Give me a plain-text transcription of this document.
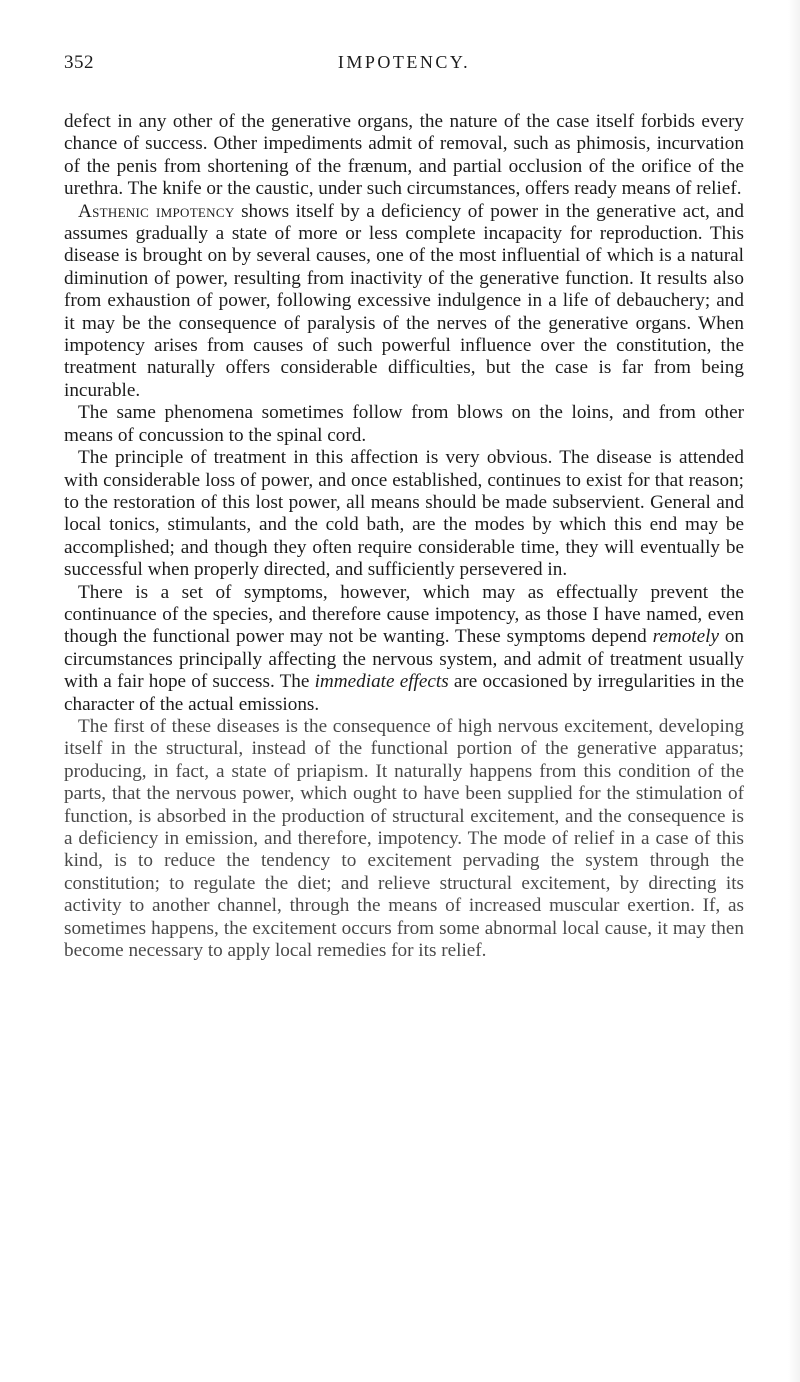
352	IMPOTENCY.

defect in any other of the generative organs, the nature of the case itself forbids every chance of success. Other impediments admit of removal, such as phimosis, incurvation of the penis from shortening of the frænum, and partial occlusion of the orifice of the urethra. The knife or the caustic, under such circumstances, offers ready means of relief.

Asthenic impotency shows itself by a deficiency of power in the generative act, and assumes gradually a state of more or less complete incapacity for reproduction. This disease is brought on by several causes, one of the most influential of which is a natural diminution of power, resulting from inactivity of the generative function. It results also from exhaustion of power, following excessive indulgence in a life of debauchery; and it may be the consequence of paralysis of the nerves of the generative organs. When impotency arises from causes of such powerful influence over the constitution, the treatment naturally offers considerable difficulties, but the case is far from being incurable.

The same phenomena sometimes follow from blows on the loins, and from other means of concussion to the spinal cord.

The principle of treatment in this affection is very obvious. The disease is attended with considerable loss of power, and once established, continues to exist for that reason; to the restoration of this lost power, all means should be made subservient. General and local tonics, stimulants, and the cold bath, are the modes by which this end may be accomplished; and though they often require considerable time, they will eventually be successful when properly directed, and sufficiently persevered in.

There is a set of symptoms, however, which may as effectually prevent the continuance of the species, and therefore cause impotency, as those I have named, even though the functional power may not be wanting. These symptoms depend remotely on circumstances principally affecting the nervous system, and admit of treatment usually with a fair hope of success. The immediate effects are occasioned by irregularities in the character of the actual emissions.

The first of these diseases is the consequence of high nervous excitement, developing itself in the structural, instead of the functional portion of the generative apparatus; producing, in fact, a state of priapism. It naturally happens from this condition of the parts, that the nervous power, which ought to have been supplied for the stimulation of function, is absorbed in the production of structural excitement, and the consequence is a deficiency in emission, and therefore, impotency. The mode of relief in a case of this kind, is to reduce the tendency to excitement pervading the system through the constitution; to regulate the diet; and relieve structural excitement, by directing its activity to another channel, through the means of increased muscular exertion. If, as sometimes happens, the excitement occurs from some abnormal local cause, it may then become necessary to apply local remedies for its relief.
